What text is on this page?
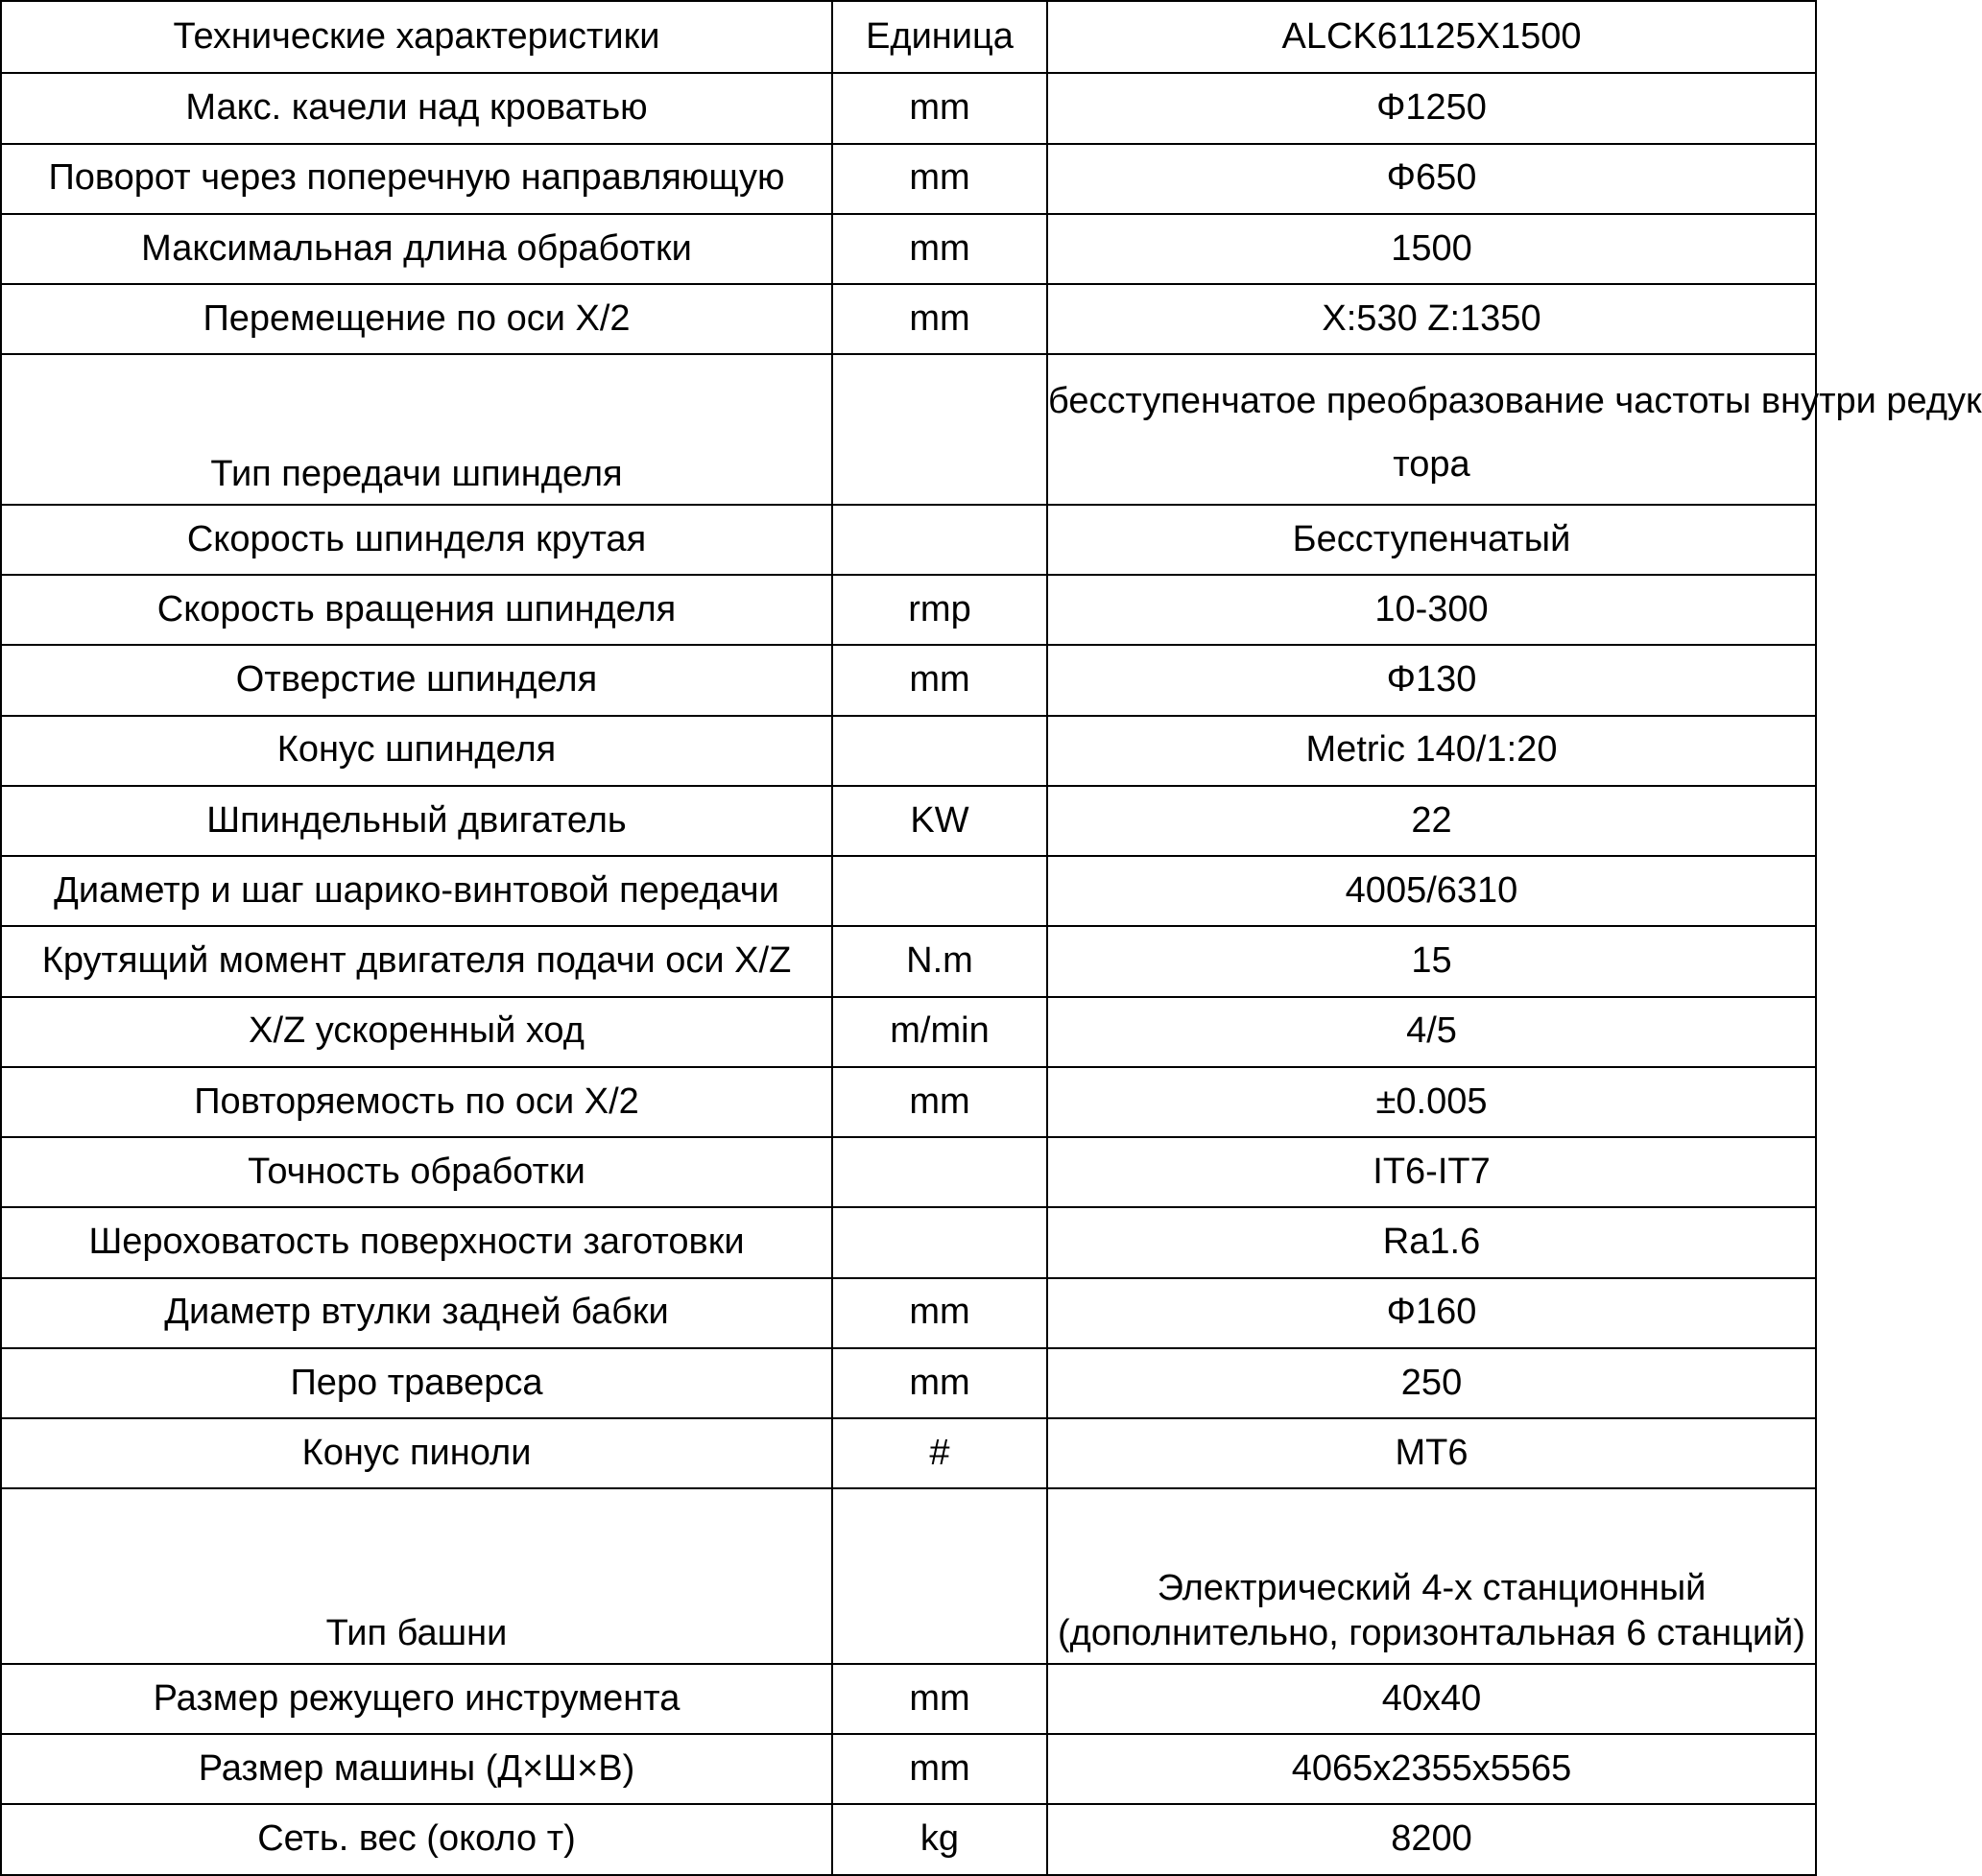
Технические характеристики	Единица	ALCK61125X1500
Макс. качели над кроватью	mm	Φ1250
Поворот через поперечную направляющую	mm	Φ650
Максимальная длина обработки	mm	1500
Перемещение по оси X/2	mm	X:530 Z:1350
Тип передачи шпинделя		бесступенчатое преобразование частоты внутри редук
тора

Скорость шпинделя крутая		Бесступенчатый
Скорость вращения шпинделя	rmp	10-300
Отверстие шпинделя	mm	Φ130
Конус шпинделя		Metric 140/1:20
Шпиндельный двигатель	KW	22
Диаметр и шаг шарико-винтовой передачи		4005/6310
Крутящий момент двигателя подачи оси X/Z	N.m	15
X/Z ускоренный ход	m/min	4/5
Повторяемость по оси X/2	mm	±0.005
Точность обработки		IT6-IT7
Шероховатость поверхности заготовки		Ra1.6
Диаметр втулки задней бабки	mm	Φ160
Перо траверса	mm	250
Конус пиноли	#	MT6
Тип башни		Электрический 4-х станционный
(дополнительно, горизонтальная 6 станций)

Размер режущего инструмента	mm	40x40
Размер машины (Д×Ш×В)	mm	4065x2355x5565
Сеть. вес (около т)	kg	8200
